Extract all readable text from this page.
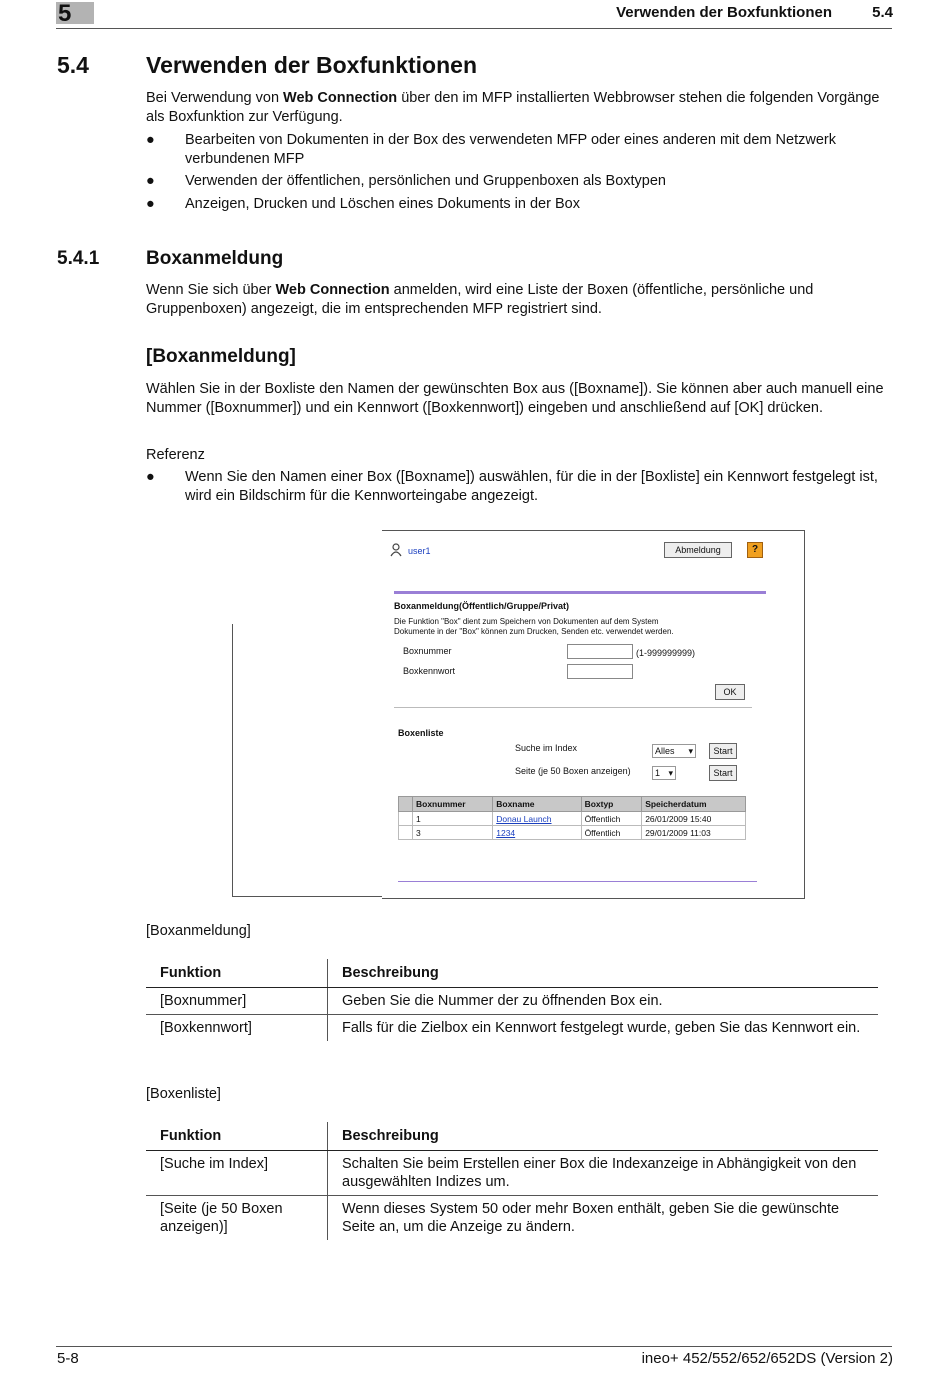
5	Verwenden der Boxfunktionen	5.4
5.4 Verwenden der Boxfunktionen
Bei Verwendung von Web Connection über den im MFP installierten Webbrowser stehen die folgenden Vorgänge als Boxfunktion zur Verfügung.
● Bearbeiten von Dokumenten in der Box des verwendeten MFP oder eines anderen mit dem Netzwerk verbundenen MFP
● Verwenden der öffentlichen, persönlichen und Gruppenboxen als Boxtypen
● Anzeigen, Drucken und Löschen eines Dokuments in der Box
5.4.1 Boxanmeldung
Wenn Sie sich über Web Connection anmelden, wird eine Liste der Boxen (öffentliche, persönliche und Gruppenboxen) angezeigt, die im entsprechenden MFP registriert sind.
[Boxanmeldung]
Wählen Sie in der Boxliste den Namen der gewünschten Box aus ([Boxname]). Sie können aber auch manuell eine Nummer ([Boxnummer]) und ein Kennwort ([Boxkennwort]) eingeben und anschließend auf [OK] drücken.
Referenz
● Wenn Sie den Namen einer Box ([Boxname]) auswählen, für die in der [Boxliste] ein Kennwort festgelegt ist, wird ein Bildschirm für die Kennworteingabe angezeigt.
user1	Abmeldung	?
Boxanmeldung(Öffentlich/Gruppe/Privat)
Die Funktion "Box" dient zum Speichern von Dokumenten auf dem System
Dokumente in der "Box" können zum Drucken, Senden etc. verwendet werden.
Boxnummer	(1-999999999)
Boxkennwort
OK
Boxenliste
Suche im Index	Alles ▾	Start
Seite (je 50 Boxen anzeigen)	1 ▾	Start
	Boxnummer	Boxname	Boxtyp	Speicherdatum
	1	Donau Launch	Öffentlich	26/01/2009 15:40
	3	1234	Öffentlich	29/01/2009 11:03
[Boxanmeldung]
Funktion	Beschreibung
[Boxnummer]	Geben Sie die Nummer der zu öffnenden Box ein.
[Boxkennwort]	Falls für die Zielbox ein Kennwort festgelegt wurde, geben Sie das Kennwort ein.
[Boxenliste]
Funktion	Beschreibung
[Suche im Index]	Schalten Sie beim Erstellen einer Box die Indexanzeige in Abhängigkeit von den ausgewählten Indizes um.
[Seite (je 50 Boxen anzeigen)]	Wenn dieses System 50 oder mehr Boxen enthält, geben Sie die gewünschte Seite an, um die Anzeige zu ändern.
5-8	ineo+ 452/552/652/652DS (Version 2)
